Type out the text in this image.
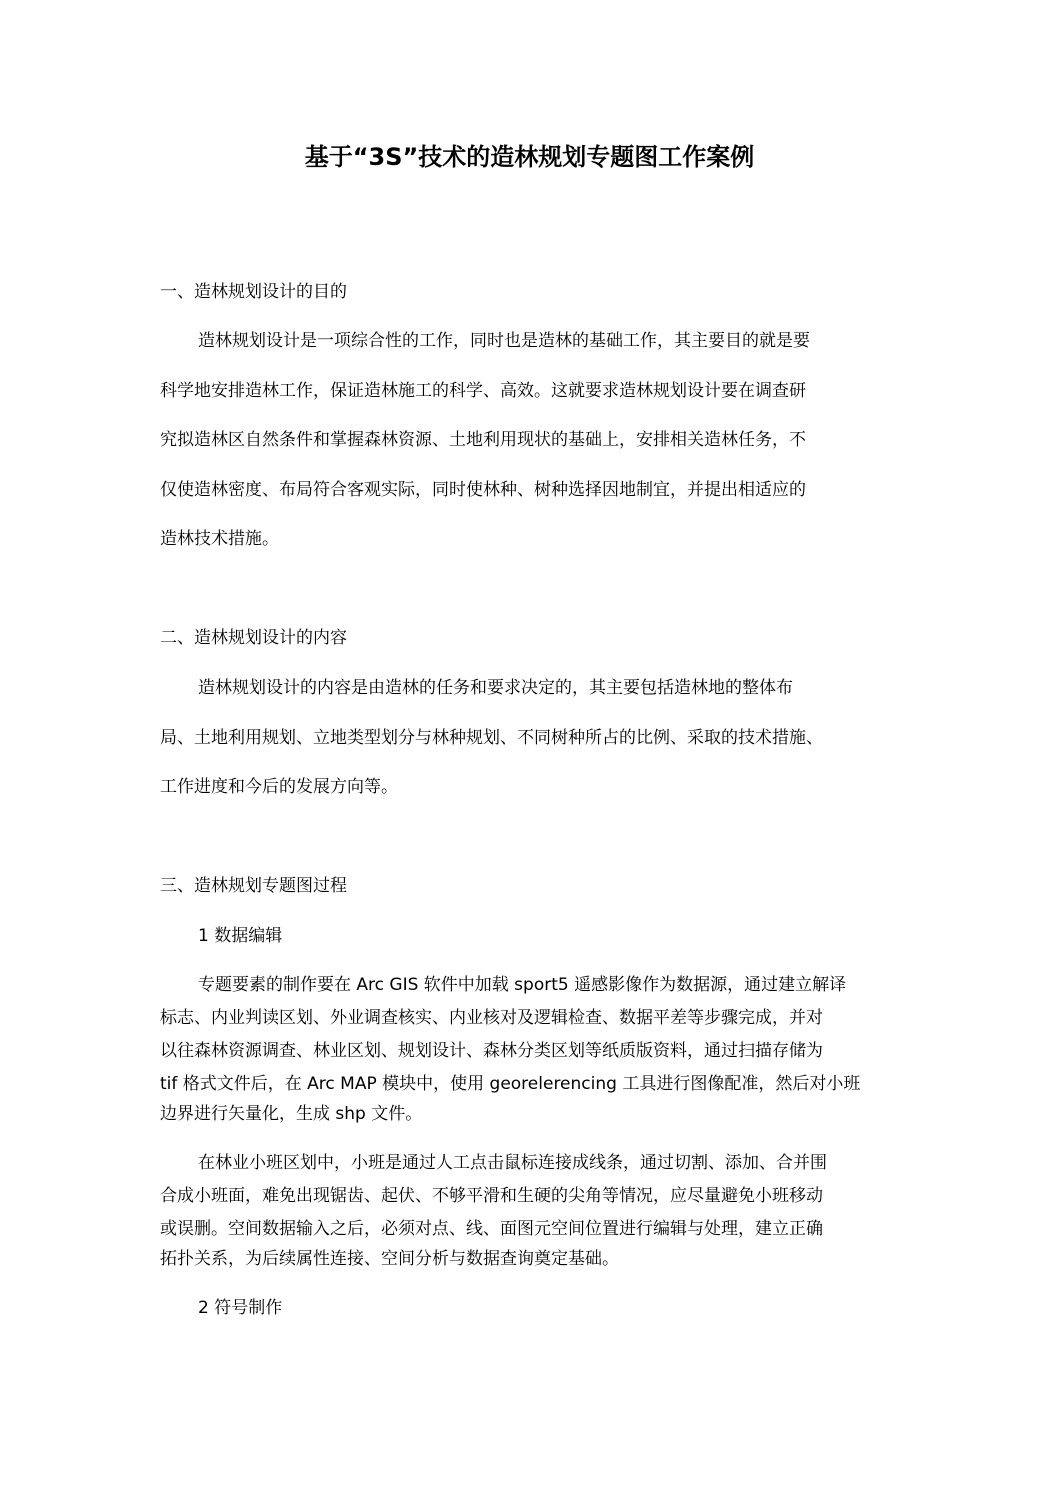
基于“3S”技术的造林规划专题图工作案例
一、造林规划设计的目的
造林规划设计是一项综合性的工作，同时也是造林的基础工作，其主要目的就是要
科学地安排造林工作，保证造林施工的科学、高效。这就要求造林规划设计要在调查研
究拟造林区自然条件和掌握森林资源、土地利用现状的基础上，安排相关造林任务，不
仅使造林密度、布局符合客观实际，同时使林种、树种选择因地制宜，并提出相适应的
造林技术措施。
二、造林规划设计的内容
造林规划设计的内容是由造林的任务和要求决定的，其主要包括造林地的整体布
局、土地利用规划、立地类型划分与林种规划、不同树种所占的比例、采取的技术措施、
工作进度和今后的发展方向等。
三、造林规划专题图过程
1 数据编辑
专题要素的制作要在 Arc GIS 软件中加载 sport5 遥感影像作为数据源，通过建立解译
标志、内业判读区划、外业调查核实、内业核对及逻辑检查、数据平差等步骤完成，并对
以往森林资源调查、林业区划、规划设计、森林分类区划等纸质版资料，通过扫描存储为
tif 格式文件后，在 Arc MAP 模块中，使用 georelerencing 工具进行图像配准，然后对小班
边界进行矢量化，生成 shp 文件。
在林业小班区划中，小班是通过人工点击鼠标连接成线条，通过切割、添加、合并围
合成小班面，难免出现锯齿、起伏、不够平滑和生硬的尖角等情况，应尽量避免小班移动
或误删。空间数据输入之后，必须对点、线、面图元空间位置进行编辑与处理，建立正确
拓扑关系，为后续属性连接、空间分析与数据查询奠定基础。
2 符号制作
